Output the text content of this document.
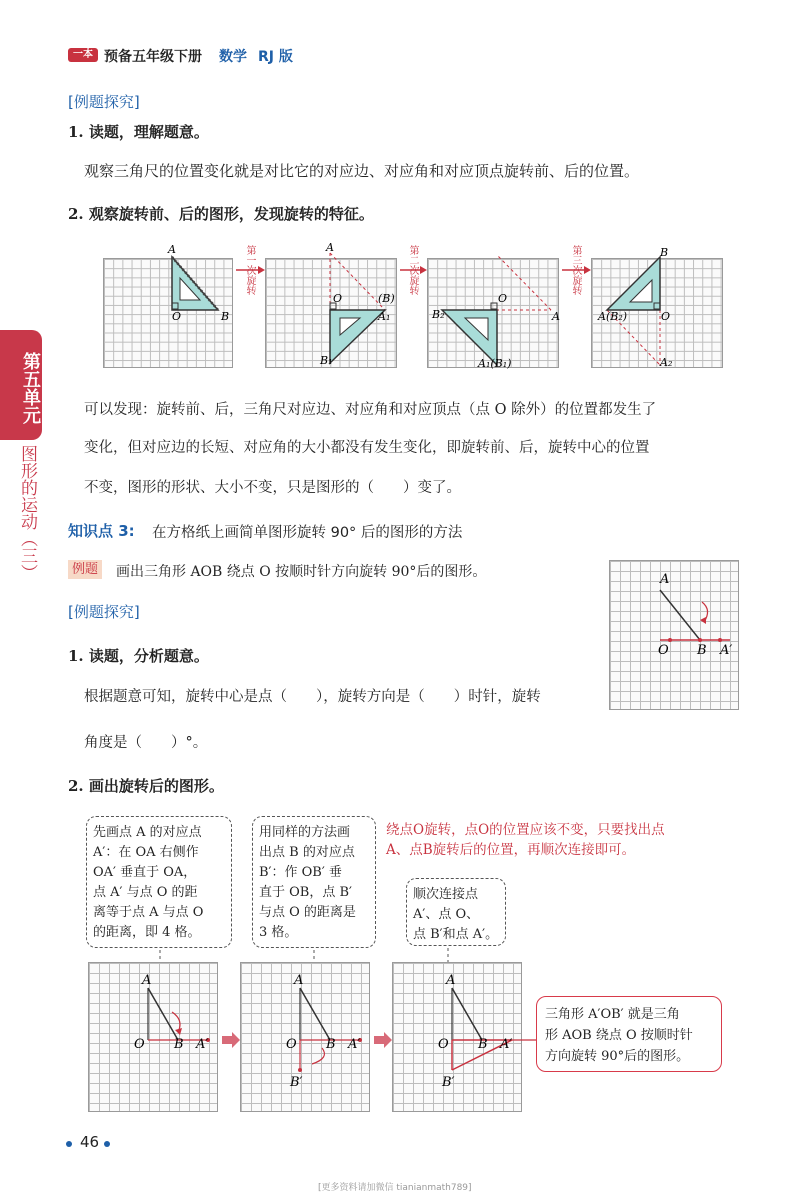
一本 预备五年级下册 数学 RJ 版
第五单元
图形的运动（三）
[例题探究]
1. 读题，理解题意。
观察三角尺的位置变化就是对比它的对应边、对应角和对应顶点旋转前、后的位置。
2. 观察旋转前、后的图形，发现旋转的特征。
A
O	B
A
(B)
A₁
B₁
O
B₂
O
A₁(B₁)
A
B
A(B₂)	O
A₂
第一次旋转	第二次旋转	第三次旋转
可以发现：旋转前、后，三角尺对应边、对应角和对应顶点（点 O 除外）的位置都发生了
变化，但对应边的长短、对应角的大小都没有发生变化，即旋转前、后，旋转中心的位置
不变，图形的形状、大小不变，只是图形的（　　）变了。
知识点 3: 在方格纸上画简单图形旋转 90° 后的图形的方法
例题 画出三角形 AOB 绕点 O 按顺时针方向旋转 90°后的图形。	A
O B A′
[例题探究]
1. 读题，分析题意。
根据题意可知，旋转中心是点（　　），旋转方向是（　　）时针，旋转
角度是（　　）°。
2. 画出旋转后的图形。
先画点 A 的对应点
A′：在 OA 右侧作
OA′ 垂直于 OA，
点 A′ 与点 O 的距
离等于点 A 与点 O
的距离，即 4 格。
用同样的方法画
出点 B 的对应点
B′：作 OB′ 垂
直于 OB，点 B′
与点 O 的距离是
3 格。
顺次连接点
A′、点 O、
点 B′和点 A′。
绕点O旋转，点O的位置应该不变，只要找出点
A、点B旋转后的位置，再顺次连接即可。
A
O B A′
A
O B A′
B′
A
O B A′
B′
三角形 A′OB′ 就是三角
形 AOB 绕点 O 按顺时针
方向旋转 90°后的图形。
46
[更多资料请加微信 tianianmath789]
